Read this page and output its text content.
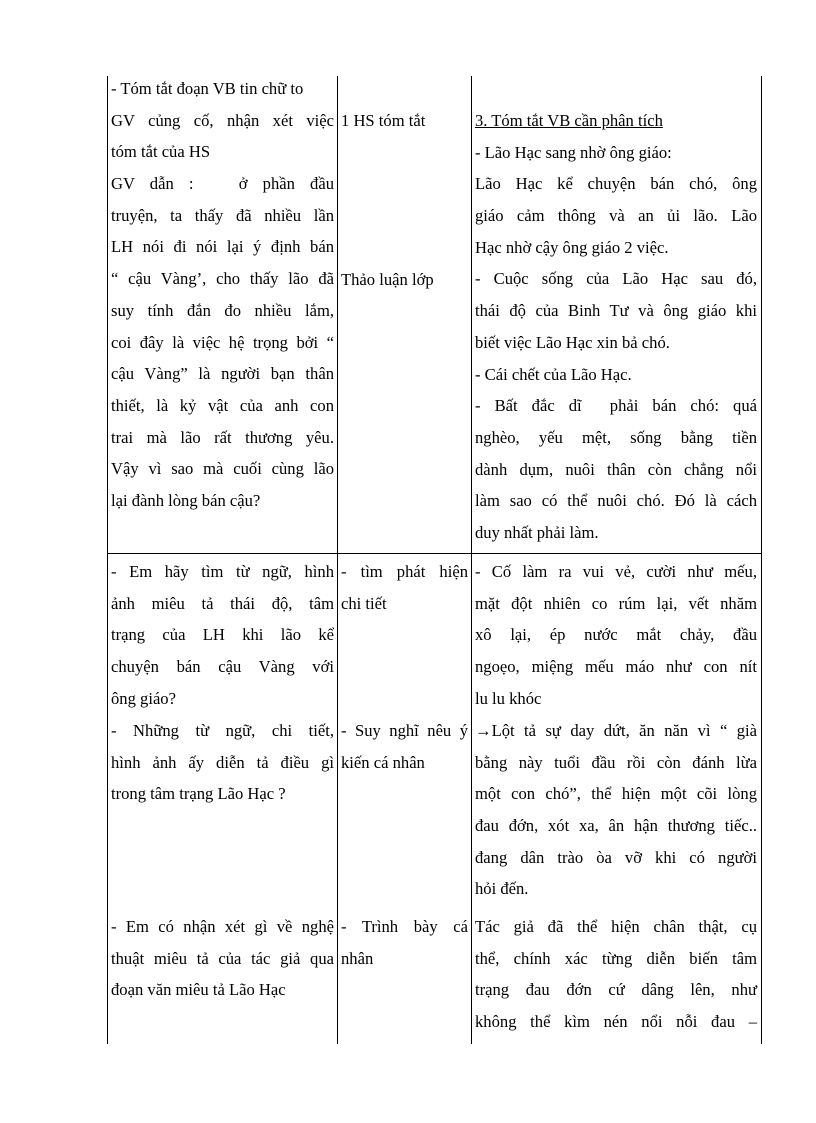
- Tóm tắt đoạn VB tin chữ to
GV củng cố, nhận xét việc
tóm tắt của HS
GV dẫn :   ở phần đầu
truyện, ta thấy đã nhiều lần
LH nói đi nói lại ý định bán
“ cậu Vàng’, cho thấy lão đã
suy tính đắn đo nhiều lắm,
coi đây là việc hệ trọng bởi “
cậu Vàng” là người bạn thân
thiết, là kỷ vật của anh con
trai mà lão rất thương yêu.
Vậy vì sao mà cuối cùng lão
lại đành lòng bán cậu?
1 HS tóm tắt
Thảo luận lớp
3. Tóm tắt VB cần phân tích
- Lão Hạc sang nhờ ông giáo:
Lão Hạc kể chuyện bán chó, ông
giáo cảm thông và an ủi lão. Lão
Hạc nhờ cậy ông giáo 2 việc.
- Cuộc sống của Lão Hạc sau đó,
thái độ của Binh Tư và ông giáo khi
biết việc Lão Hạc xin bả chó.
- Cái chết của Lão Hạc.
- Bất đắc dĩ  phải bán chó: quá
nghèo, yếu mệt, sống bằng tiền
dành dụm, nuôi thân còn chẳng nổi
làm sao có thể nuôi chó. Đó là cách
duy nhất phải làm.
- Em hãy tìm từ ngữ, hình
ảnh miêu tả thái độ, tâm
trạng của LH khi lão kể
chuyện bán cậu Vàng với
ông giáo?
- Những từ ngữ, chi tiết,
hình ảnh ấy diễn tả điều gì
trong tâm trạng Lão Hạc ?
- Em có nhận xét gì về nghệ
thuật miêu tả của tác giả qua
đoạn văn miêu tả Lão Hạc
- tìm phát hiện
chi tiết
- Suy nghĩ nêu ý
kiến cá nhân
- Trình bày cá
nhân
- Cố làm ra vui vẻ, cười như mếu,
mặt đột nhiên co rúm lại, vết nhăm
xô lại, ép nước mắt chảy, đầu
ngoẹo, miệng mếu máo như con nít
lu lu khóc
→Lột tả sự day dứt, ăn năn vì “ già
bằng này tuổi đầu rồi còn đánh lừa
một con chó”, thể hiện một cõi lòng
đau đớn, xót xa, ân hận thương tiếc..
đang dân trào òa vỡ khi có người
hỏi đến.
Tác giả đã thể hiện chân thật, cụ
thể, chính xác từng diễn biến tâm
trạng đau đớn cứ dâng lên, như
không thể kìm nén nổi nỗi đau –
